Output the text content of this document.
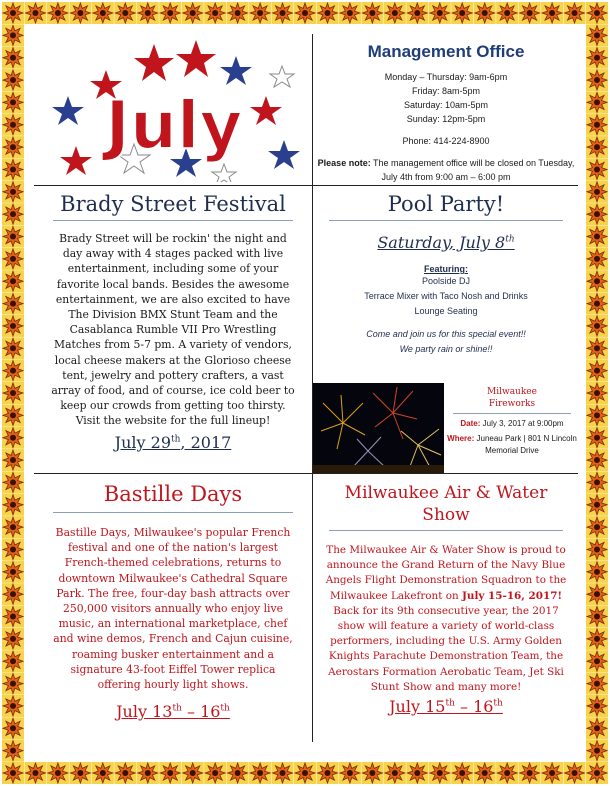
July
Management Office
Monday – Thursday: 9am-6pm
Friday: 8am-5pm
Saturday: 10am-5pm
Sunday: 12pm-5pm
Phone: 414-224-8900
Please note: The management office will be closed on Tuesday, July 4th from 9:00 am – 6:00 pm
Brady Street Festival
Brady Street will be rockin' the night and day away with 4 stages packed with live entertainment, including some of your favorite local bands. Besides the awesome entertainment, we are also excited to have The Division BMX Stunt Team and the Casablanca Rumble VII Pro Wrestling Matches from 5-7 pm. A variety of vendors, local cheese makers at the Glorioso cheese tent, jewelry and pottery crafters, a vast array of food, and of course, ice cold beer to keep our crowds from getting too thirsty. Visit the website for the full lineup!
July 29th, 2017
Pool Party!
Saturday, July 8th
Featuring:
Poolside DJ
Terrace Mixer with Taco Nosh and Drinks
Lounge Seating
Come and join us for this special event!!
We party rain or shine!!
Milwaukee
Fireworks
Date: July 3, 2017 at 9:00pm
Where: Juneau Park | 801 N Lincoln Memorial Drive
Bastille Days
Bastille Days, Milwaukee's popular French festival and one of the nation's largest French-themed celebrations, returns to downtown Milwaukee's Cathedral Square Park. The free, four-day bash attracts over 250,000 visitors annually who enjoy live music, an international marketplace, chef and wine demos, French and Cajun cuisine, roaming busker entertainment and a signature 43-foot Eiffel Tower replica offering hourly light shows.
July 13th – 16th
Milwaukee Air & Water
Show
The Milwaukee Air & Water Show is proud to announce the Grand Return of the Navy Blue Angels Flight Demonstration Squadron to the Milwaukee Lakefront on July 15-16, 2017! Back for its 9th consecutive year, the 2017 show will feature a variety of world-class performers, including the U.S. Army Golden Knights Parachute Demonstration Team, the Aerostars Formation Aerobatic Team, Jet Ski Stunt Show and many more!
July 15th – 16th
